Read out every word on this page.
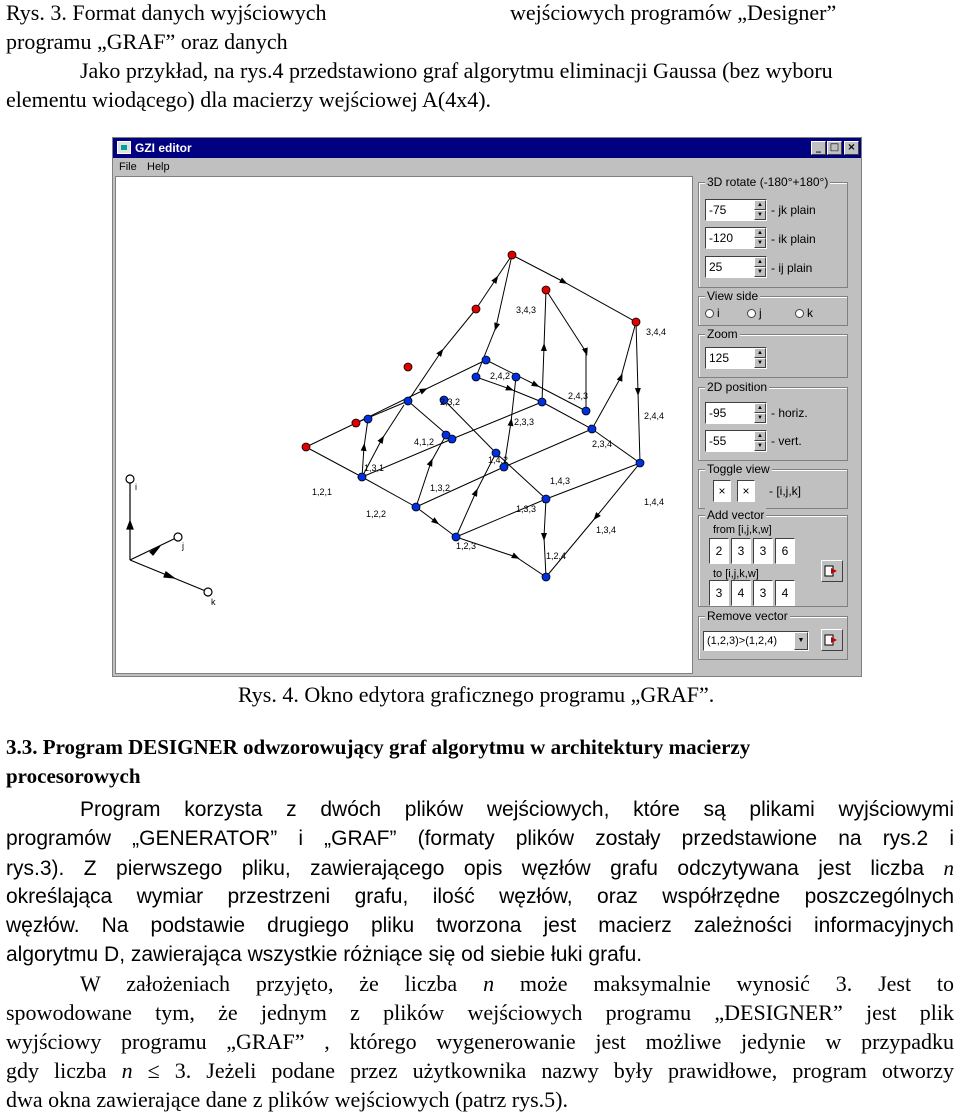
Rys. 3. Format danych wyjściowych	wejściowych programów „Designer”
programu „GRAF” oraz danych
Jako przykład, na rys.4 przedstawiono graf algorytmu eliminacji Gaussa (bez wyboru
elementu wiodącego) dla macierzy wejściowej A(4x4).
GZI editor	_ □ ×
File Help
i
j
k
3,4,3
3,4,4
2,4,2
2,3,2
2,4,3
2,3,3
2,4,4
4,1,2
1,4,2
2,3,4
1,3,1
1,3,2
1,4,3
1,2,1
1,3,3
1,4,4
1,2,2
1,3,4
1,2,3
1,2,4
3D rotate (-180°+180°)
-75	▲
▼ - jk plain
-120	▲
▼ - ik plain
25	▲
▼ - ij plain
View side
i	j	k
Zoom
125	▲
▼
2D position
-95	▲
▼ - horiz.
-55	▲
▼ - vert.
Toggle view
×	×	- [i,j,k]
Add vector
from [i,j,k,w]
2	3	3	6
to [i,j,k,w]
3	4	3	4
Remove vector
(1,2,3)>(1,2,4)	▼
Rys. 4. Okno edytora graficznego programu „GRAF”.
3.3. Program DESIGNER odwzorowujący graf algorytmu w architektury macierzy
procesorowych
Program korzysta z dwóch plików wejściowych, które są plikami wyjściowymi
programów „GENERATOR” i „GRAF” (formaty plików zostały przedstawione na rys.2 i
rys.3). Z pierwszego pliku, zawierającego opis węzłów grafu odczytywana jest liczba n
określająca wymiar przestrzeni grafu, ilość węzłów, oraz współrzędne poszczególnych
węzłów. Na podstawie drugiego pliku tworzona jest macierz zależności informacyjnych
algorytmu D, zawierająca wszystkie różniące się od siebie łuki grafu.
W założeniach przyjęto, że liczba n może maksymalnie wynosić 3. Jest to
spowodowane tym, że jednym z plików wejściowych programu „DESIGNER” jest plik
wyjściowy programu „GRAF” , którego wygenerowanie jest możliwe jedynie w przypadku
gdy liczba n ≤ 3. Jeżeli podane przez użytkownika nazwy były prawidłowe, program otworzy
dwa okna zawierające dane z plików wejściowych (patrz rys.5).
